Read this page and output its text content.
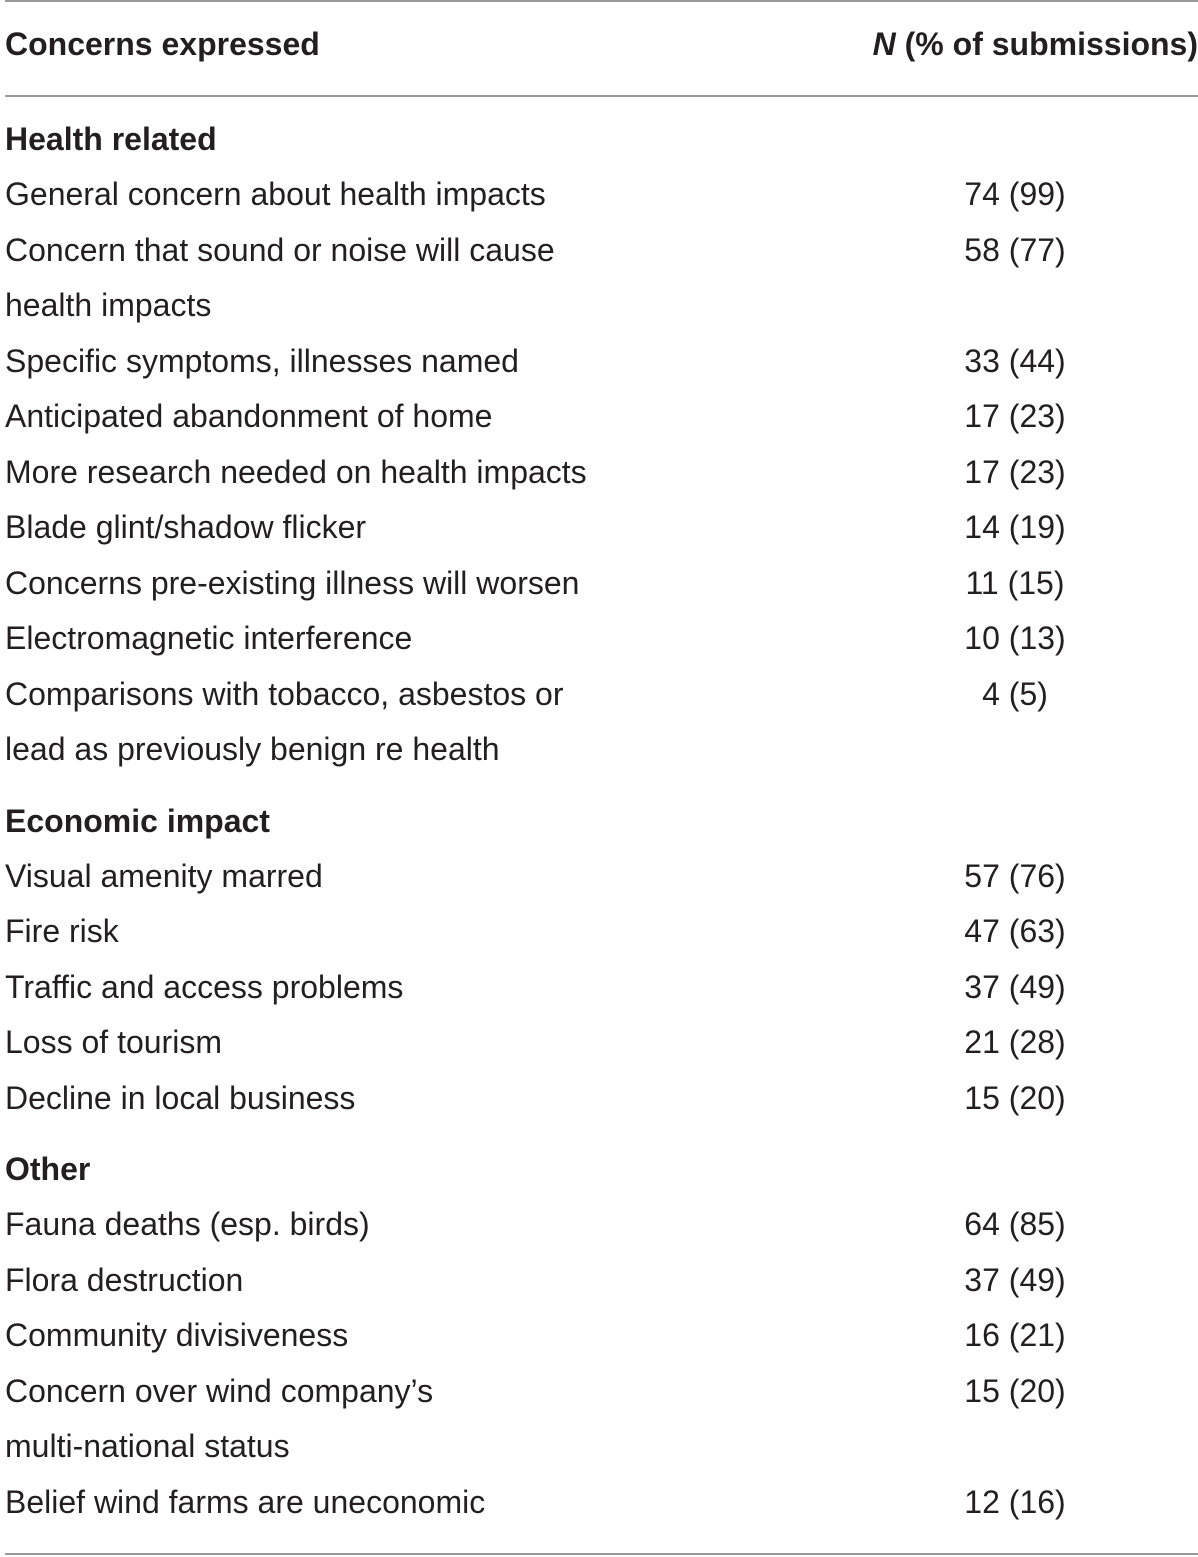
Concerns expressed	N (% of submissions)
Health related
General concern about health impacts	74 (99)
Concern that sound or noise will cause	58 (77)
health impacts
Specific symptoms, illnesses named	33 (44)
Anticipated abandonment of home	17 (23)
More research needed on health impacts	17 (23)
Blade glint/shadow flicker	14 (19)
Concerns pre-existing illness will worsen	11 (15)
Electromagnetic interference	10 (13)
Comparisons with tobacco, asbestos or	4 (5)
lead as previously benign re health
Economic impact
Visual amenity marred	57 (76)
Fire risk	47 (63)
Traffic and access problems	37 (49)
Loss of tourism	21 (28)
Decline in local business	15 (20)
Other
Fauna deaths (esp. birds)	64 (85)
Flora destruction	37 (49)
Community divisiveness	16 (21)
Concern over wind company’s	15 (20)
multi-national status
Belief wind farms are uneconomic	12 (16)
